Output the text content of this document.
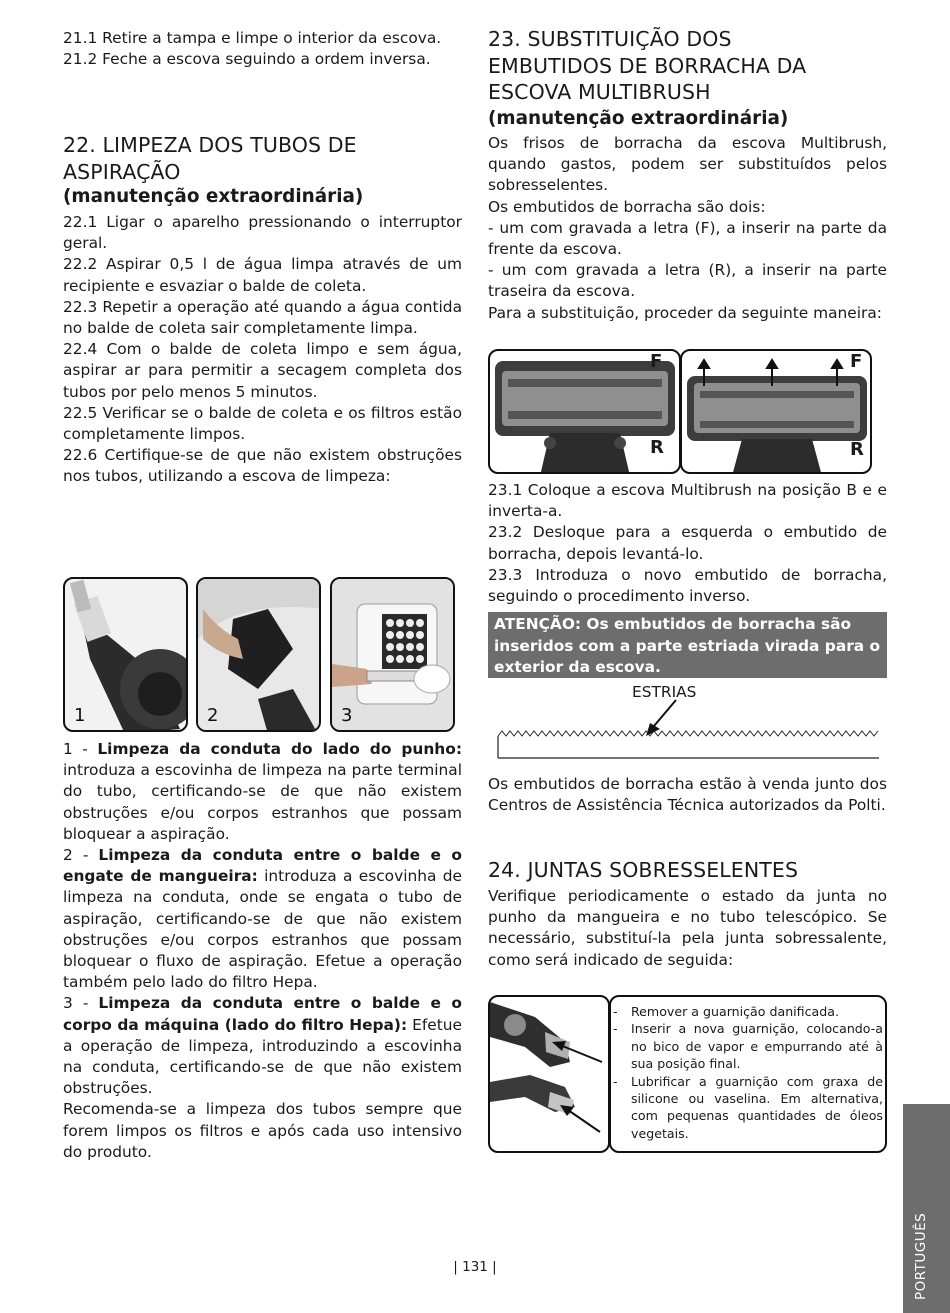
21.1 Retire a tampa e limpe o interior da escova.

21.2 Feche a escova seguindo a ordem inversa.

22. LIMPEZA DOS TUBOS DE
ASPIRAÇÃO
(manutenção extraordinária)

22.1 Ligar o aparelho pressionando o interruptor geral.

22.2 Aspirar 0,5 l de água limpa através de um recipiente e esvaziar o balde de coleta.

22.3 Repetir a operação até quando a água contida no balde de coleta sair completamente limpa.

22.4 Com o balde de coleta limpo e sem água, aspirar ar para permitir a secagem completa dos tubos por pelo menos 5 minutos.

22.5 Verificar se o balde de coleta e os filtros estão completamente limpos.

22.6 Certifique-se de que não existem obstruções nos tubos, utilizando a escova de limpeza:

1	2	3

1 - Limpeza da conduta do lado do punho: introduza a escovinha de limpeza na parte terminal do tubo, certificando-se de que não existem obstruções e/ou corpos estranhos que possam bloquear a aspiração.

2 - Limpeza da conduta entre o balde e o engate de mangueira: introduza a escovinha de limpeza na conduta, onde se engata o tubo de aspiração, certificando-se de que não existem obstruções e/ou corpos estranhos que possam bloquear o fluxo de aspiração. Efetue a operação também pelo lado do filtro Hepa.

3 - Limpeza da conduta entre o balde e o corpo da máquina (lado do filtro Hepa): Efetue a operação de limpeza, introduzindo a escovinha na conduta, certificando-se de que não existem obstruções.

Recomenda-se a limpeza dos tubos sempre que forem limpos os filtros e após cada uso intensivo do produto.

23. SUBSTITUIÇÃO DOS
EMBUTIDOS DE BORRACHA DA
ESCOVA MULTIBRUSH
(manutenção extraordinária)

Os frisos de borracha da escova Multibrush, quando gastos, podem ser substituídos pelos sobresselentes.

Os embutidos de borracha são dois:

- um com gravada a letra (F), a inserir na parte da frente da escova.

- um com gravada a letra (R), a inserir na parte traseira da escova.

Para a substituição, proceder da seguinte maneira:

F
R
F
R

23.1 Coloque a escova Multibrush na posição B e e inverta-a.

23.2 Desloque para a esquerda o embutido de borracha, depois levantá-lo.

23.3 Introduza o novo embutido de borracha, seguindo o procedimento inverso.

ATENÇÃO: Os embutidos de borracha são inseridos com a parte estriada virada para o exterior da escova.
ESTRIAS

Os embutidos de borracha estão à venda junto dos Centros de Assistência Técnica autorizados da Polti.

24. JUNTAS SOBRESSELENTES

Verifique periodicamente o estado da junta no punho da mangueira e no tubo telescópico. Se necessário, substituí-la pela junta sobressalente, como será indicado de seguida:

- Remover a guarnição danificada.
- Inserir a nova guarnição, colocando-a no bico de vapor e empurrando até à sua posição final.
- Lubrificar a guarnição com graxa de silicone ou vaselina. Em alternativa, com pequenas quantidades de óleos vegetais.
PORTUGUÊS
| 131 |
